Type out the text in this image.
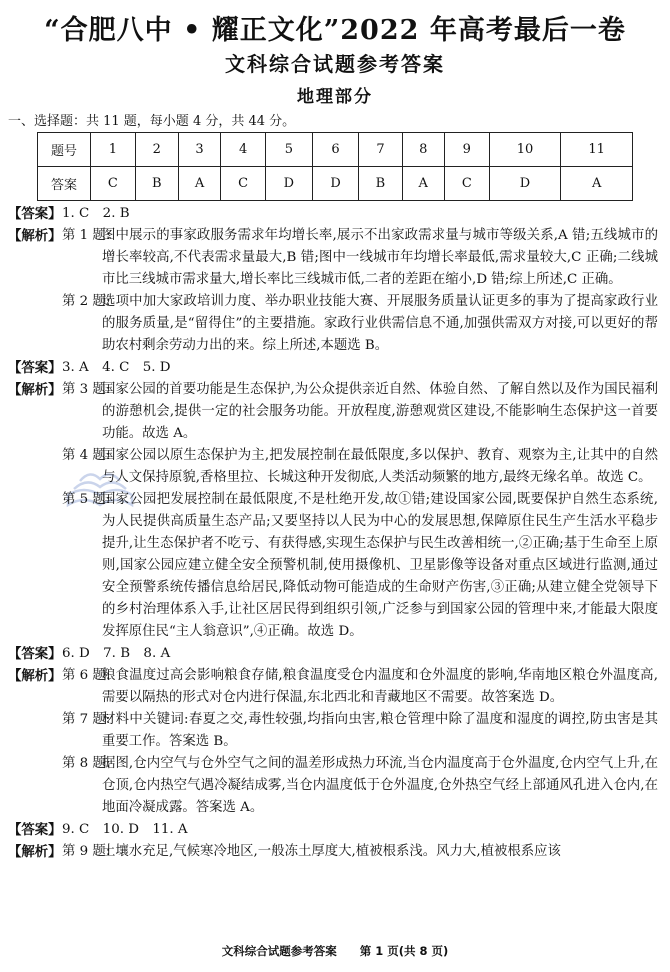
“合肥八中 • 耀正文化”2022 年高考最后一卷
文科综合试题参考答案
地理部分
一、选择题：共 11 题，每小题 4 分，共 44 分。
题号	1	2	3	4	5	6	7	8	9	10	11
答案	C	B	A	C	D	D	B	A	C	D	A
【答案】 1. C　2. B
【解析】 第 1 题:
图中展示的事家政服务需求年均增长率,展示不出家政需求量与城市等级关系,A 错;五线城市的增长率较高,不代表需求量最大,B 错;图中一线城市年均增长率最低,需求量较大,C 正确;二线城市比三线城市需求量大,增长率比三线城市低,二者的差距在缩小,D 错;综上所述,C 正确。
第 2 题:
选项中加大家政培训力度、举办职业技能大赛、开展服务质量认证更多的事为了提高家政行业的服务质量,是“留得住”的主要措施。家政行业供需信息不通,加强供需双方对接,可以更好的帮助农村剩余劳动力出的来。综上所述,本题选 B。
【答案】 3. A　4. C　5. D
【解析】 第 3 题:
国家公园的首要功能是生态保护,为公众提供亲近自然、体验自然、了解自然以及作为国民福利的游憩机会,提供一定的社会服务功能。开放程度,游憩观赏区建设,不能影响生态保护这一首要功能。故选 A。
第 4 题:
国家公园以原生态保护为主,把发展控制在最低限度,多以保护、教育、观察为主,让其中的自然与人文保持原貌,香格里拉、长城这种开发彻底,人类活动频繁的地方,最终无缘名单。故选 C。
第 5 题:
国家公园把发展控制在最低限度,不是杜绝开发,故①错;建设国家公园,既要保护自然生态系统,为人民提供高质量生态产品;又要坚持以人民为中心的发展思想,保障原住民生产生活水平稳步提升,让生态保护者不吃亏、有获得感,实现生态保护与民生改善相统一,②正确;基于生命至上原则,国家公园应建立健全安全预警机制,使用摄像机、卫星影像等设备对重点区域进行监测,通过安全预警系统传播信息给居民,降低动物可能造成的生命财产伤害,③正确;从建立健全党领导下的乡村治理体系入手,让社区居民得到组织引领,广泛参与到国家公园的管理中来,才能最大限度发挥原住民“主人翁意识”,④正确。故选 D。
【答案】 6. D　7. B　8. A
【解析】 第 6 题:
粮食温度过高会影响粮食存储,粮食温度受仓内温度和仓外温度的影响,华南地区粮仓外温度高,需要以隔热的形式对仓内进行保温,东北西北和青藏地区不需要。故答案选 D。
第 7 题:
材料中关键词:春夏之交,毒性较强,均指向虫害,粮仓管理中除了温度和湿度的调控,防虫害是其重要工作。答案选 B。
第 8 题:
据图,仓内空气与仓外空气之间的温差形成热力环流,当仓内温度高于仓外温度,仓内空气上升,在仓顶,仓内热空气遇冷凝结成雾,当仓内温度低于仓外温度,仓外热空气经上部通风孔进入仓内,在地面冷凝成露。答案选 A。
【答案】 9. C　10. D　11. A
【解析】 第 9 题:
土壤水充足,气候寒冷地区,一般冻土厚度大,植被根系浅。风力大,植被根系应该
文科综合试题参考答案　　第 1 页(共 8 页)
